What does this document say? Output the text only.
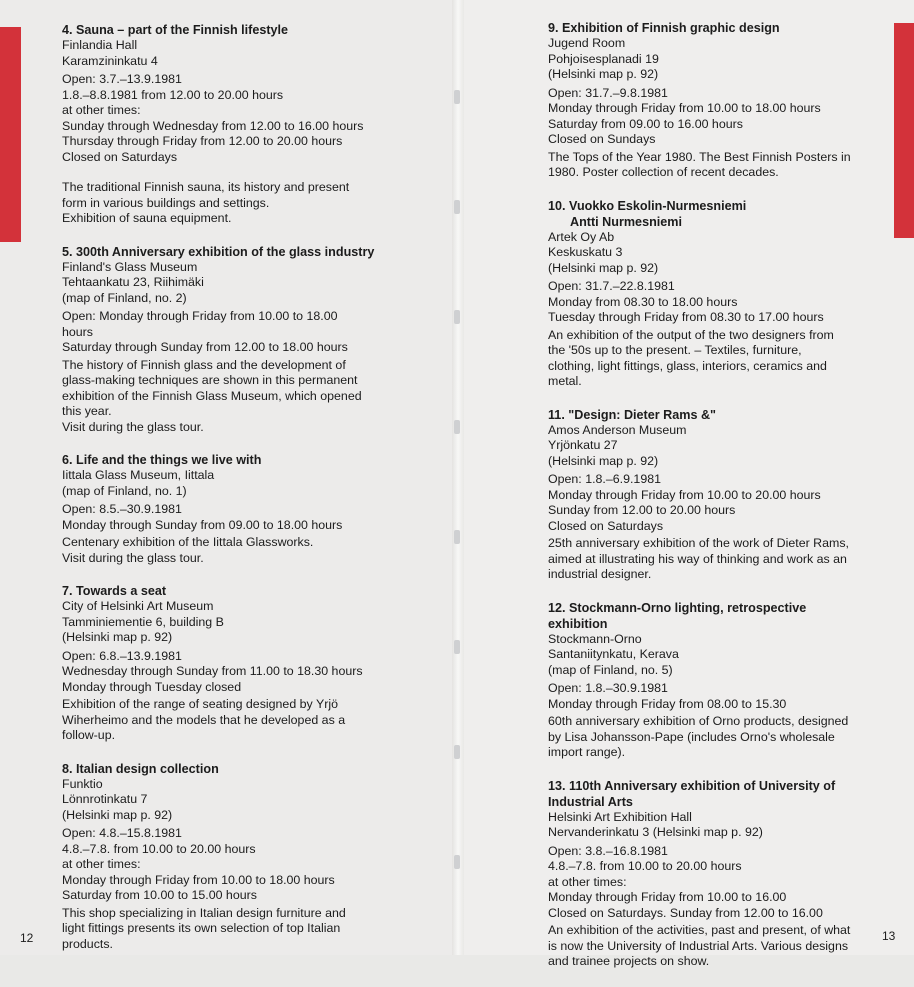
4. Sauna – part of the Finnish lifestyle
Finlandia Hall
Karamzininkatu 4
Open: 3.7.–13.9.1981
1.8.–8.8.1981 from 12.00 to 20.00 hours
at other times:
Sunday through Wednesday from 12.00 to 16.00 hours
Thursday through Friday from 12.00 to 20.00 hours
Closed on Saturdays
The traditional Finnish sauna, its history and present
form in various buildings and settings.
Exhibition of sauna equipment.
5. 300th Anniversary exhibition of the glass industry
Finland's Glass Museum
Tehtaankatu 23, Riihimäki
(map of Finland, no. 2)
Open: Monday through Friday from 10.00 to 18.00
hours
Saturday through Sunday from 12.00 to 18.00 hours
The history of Finnish glass and the development of
glass-making techniques are shown in this permanent
exhibition of the Finnish Glass Museum, which opened
this year.
Visit during the glass tour.
6. Life and the things we live with
Iittala Glass Museum, Iittala
(map of Finland, no. 1)
Open: 8.5.–30.9.1981
Monday through Sunday from 09.00 to 18.00 hours
Centenary exhibition of the Iittala Glassworks.
Visit during the glass tour.
7. Towards a seat
City of Helsinki Art Museum
Tamminiementie 6, building B
(Helsinki map p. 92)
Open: 6.8.–13.9.1981
Wednesday through Sunday from 11.00 to 18.30 hours
Monday through Tuesday closed
Exhibition of the range of seating designed by Yrjö
Wiherheimo and the models that he developed as a
follow-up.
8. Italian design collection
Funktio
Lönnrotinkatu 7
(Helsinki map p. 92)
Open: 4.8.–15.8.1981
4.8.–7.8. from 10.00 to 20.00 hours
at other times:
Monday through Friday from 10.00 to 18.00 hours
Saturday from 10.00 to 15.00 hours
This shop specializing in Italian design furniture and
light fittings presents its own selection of top Italian
products.
9. Exhibition of Finnish graphic design
Jugend Room
Pohjoisesplanadi 19
(Helsinki map p. 92)
Open: 31.7.–9.8.1981
Monday through Friday from 10.00 to 18.00 hours
Saturday from 09.00 to 16.00 hours
Closed on Sundays
The Tops of the Year 1980. The Best Finnish Posters in
1980. Poster collection of recent decades.
10. Vuokko Eskolin-Nurmesniemi
Antti Nurmesniemi
Artek Oy Ab
Keskuskatu 3
(Helsinki map p. 92)
Open: 31.7.–22.8.1981
Monday from 08.30 to 18.00 hours
Tuesday through Friday from 08.30 to 17.00 hours
An exhibition of the output of the two designers from
the '50s up to the present. – Textiles, furniture,
clothing, light fittings, glass, interiors, ceramics and
metal.
11. "Design: Dieter Rams &"
Amos Anderson Museum
Yrjönkatu 27
(Helsinki map p. 92)
Open: 1.8.–6.9.1981
Monday through Friday from 10.00 to 20.00 hours
Sunday from 12.00 to 20.00 hours
Closed on Saturdays
25th anniversary exhibition of the work of Dieter Rams,
aimed at illustrating his way of thinking and work as an
industrial designer.
12. Stockmann-Orno lighting, retrospective exhibition
Stockmann-Orno
Santaniitynkatu, Kerava
(map of Finland, no. 5)
Open: 1.8.–30.9.1981
Monday through Friday from 08.00 to 15.30
60th anniversary exhibition of Orno products, designed
by Lisa Johansson-Pape (includes Orno's wholesale
import range).
13. 110th Anniversary exhibition of University of Industrial Arts
Helsinki Art Exhibition Hall
Nervanderinkatu 3 (Helsinki map p. 92)
Open: 3.8.–16.8.1981
4.8.–7.8. from 10.00 to 20.00 hours
at other times:
Monday through Friday from 10.00 to 16.00
Closed on Saturdays. Sunday from 12.00 to 16.00
An exhibition of the activities, past and present, of what
is now the University of Industrial Arts. Various designs
and trainee projects on show.
12	13
